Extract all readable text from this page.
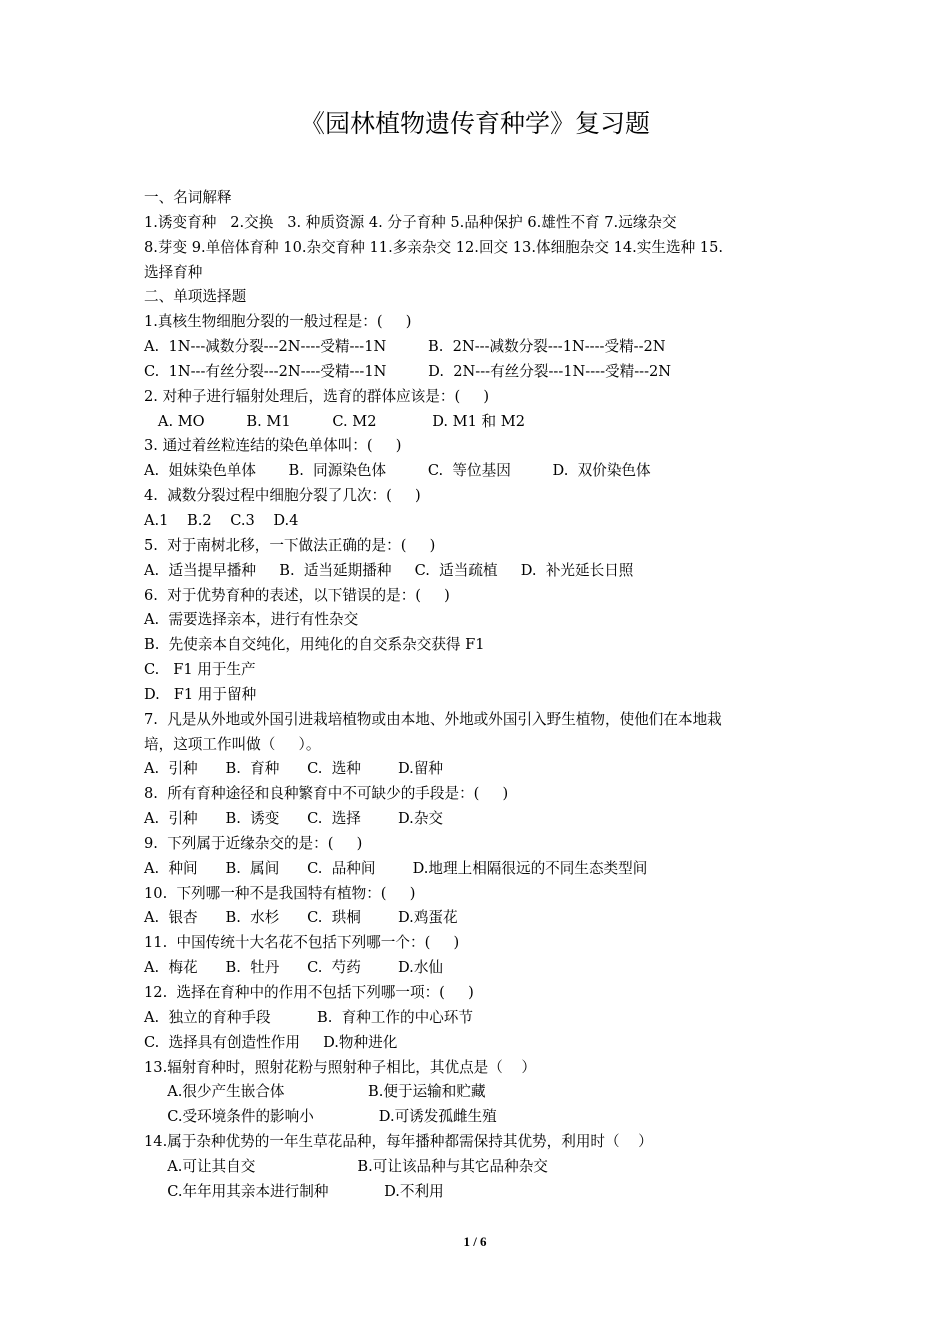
《园林植物遗传育种学》复习题

一、名词解释

1.诱变育种   2.交换   3. 种质资源 4. 分子育种 5.品种保护 6.雄性不育 7.远缘杂交

8.芽变 9.单倍体育种 10.杂交育种 11.多亲杂交 12.回交 13.体细胞杂交 14.实生选种 15.

选择育种

二、单项选择题

1.真核生物细胞分裂的一般过程是：(     )

A.  1N---减数分裂---2N----受精---1N         B.  2N---减数分裂---1N----受精--2N

C.  1N---有丝分裂---2N----受精---1N         D.  2N---有丝分裂---1N----受精---2N

2. 对种子进行辐射处理后，选育的群体应该是：(     )

A. MO         B. M1         C. M2            D. M1 和 M2

3. 通过着丝粒连结的染色单体叫：(     )

A.  姐妹染色单体       B.  同源染色体         C.  等位基因         D.  双价染色体

4.  减数分裂过程中细胞分裂了几次：(     )

A.1    B.2    C.3    D.4

5.  对于南树北移，一下做法正确的是：(     )

A.  适当提早播种     B.  适当延期播种     C.  适当疏植     D.  补光延长日照

6.  对于优势育种的表述，以下错误的是：(     )

A.  需要选择亲本，进行有性杂交

B.  先使亲本自交纯化，用纯化的自交系杂交获得 F1

C.   F1 用于生产

D.   F1 用于留种

7.  凡是从外地或外国引进栽培植物或由本地、外地或外国引入野生植物，使他们在本地栽

培，这项工作叫做（     ）。

A.  引种      B.  育种      C.  选种        D.留种

8.  所有育种途径和良种繁育中不可缺少的手段是：(     )

A.  引种      B.  诱变      C.  选择        D.杂交

9.  下列属于近缘杂交的是：(     )

A.  种间      B.  属间      C.  品种间        D.地理上相隔很远的不同生态类型间

10.  下列哪一种不是我国特有植物：(     )

A.  银杏      B.  水杉      C.  珙桐        D.鸡蛋花

11.  中国传统十大名花不包括下列哪一个：(     )

A.  梅花      B.  牡丹      C.  芍药        D.水仙

12.  选择在育种中的作用不包括下列哪一项：(     )

A.  独立的育种手段          B.  育种工作的中心环节

C.  选择具有创造性作用     D.物种进化

13.辐射育种时，照射花粉与照射种子相比，其优点是（    ）

A.很少产生嵌合体                  B.便于运输和贮藏

C.受环境条件的影响小              D.可诱发孤雌生殖

14.属于杂种优势的一年生草花品种，每年播种都需保持其优势，利用时（    ）

A.可让其自交                      B.可让该品种与其它品种杂交

C.年年用其亲本进行制种            D.不利用

1 / 6
